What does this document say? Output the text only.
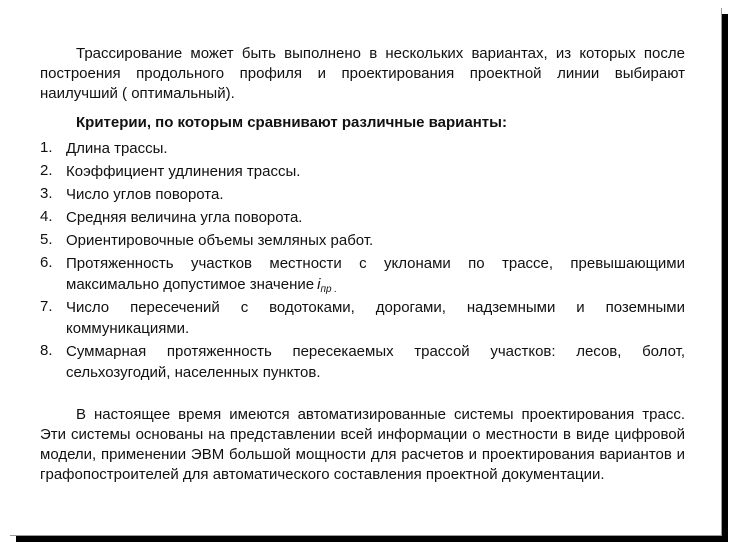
Трассирование может быть выполнено в нескольких вариантах, из которых после построения продольного профиля и проектирования проектной линии выбирают наилучший ( оптимальный).

Критерии, по которым сравнивают различные варианты:

1. Длина трассы.
2. Коэффициент удлинения трассы.
3. Число углов поворота.
4. Средняя величина угла поворота.
5. Ориентировочные объемы земляных работ.
6. Протяженность участков местности с уклонами по трассе, превышающими максимально допустимое значение $i_{пр .}$
7. Число пересечений с водотоками, дорогами, надземными и поземными коммуникациями.
8. Суммарная протяженность пересекаемых трассой участков: лесов, болот, сельхозугодий, населенных пунктов.

В настоящее время имеются автоматизированные системы проектирования трасс. Эти системы основаны на представлении всей информации о местности в виде цифровой модели, применении ЭВМ большой мощности для расчетов и проектирования вариантов и графопостроителей для автоматического составления проектной документации.
